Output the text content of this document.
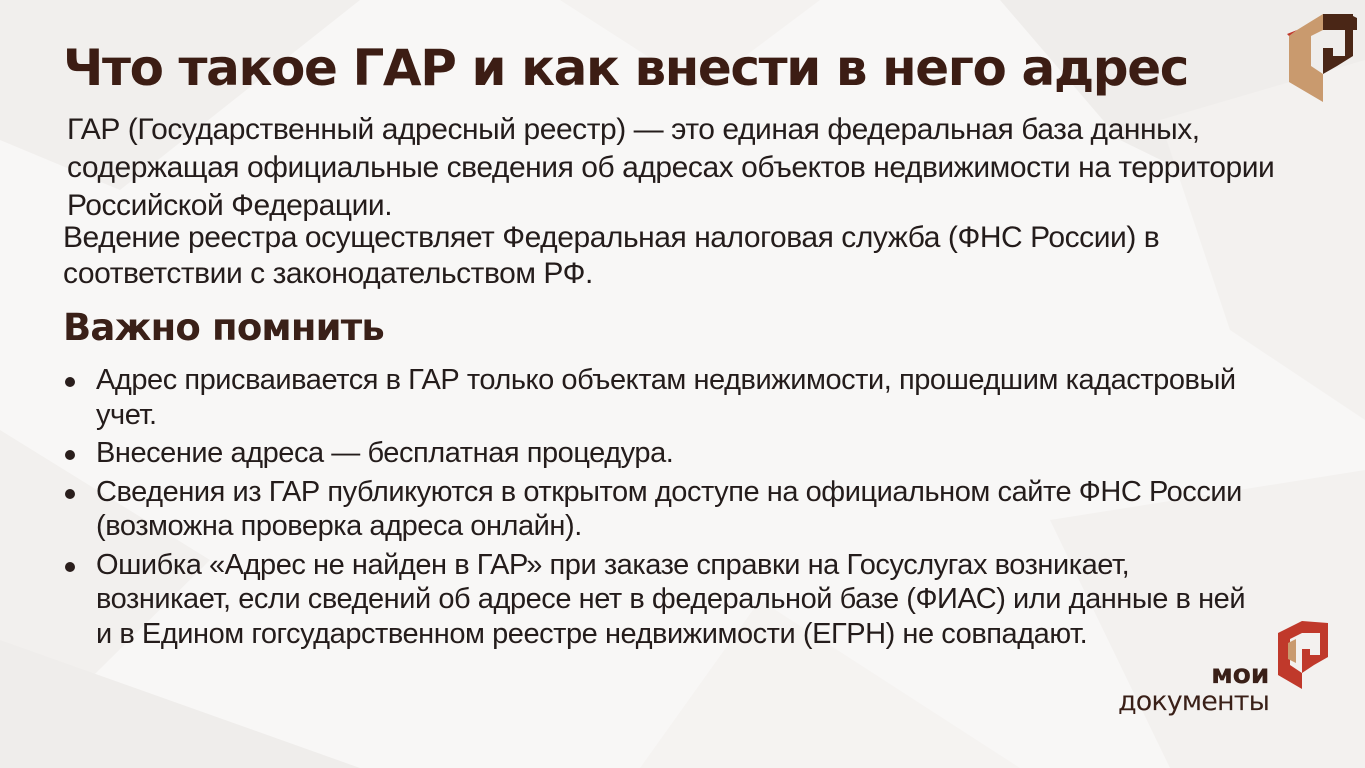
Что такое ГАР и как внести в него адрес

ГАР (Государственный адресный реестр) — это единая федеральная база данных, содержащая официальные сведения об адресах объектов недвижимости на территории Российской Федерации.

Ведение реестра осуществляет Федеральная налоговая служба (ФНС России) в соответствии с законодательством РФ.

Важно помнить
Адрес присваивается в ГАР только объектам недвижимости, прошедшим кадастровый учет.
Внесение адреса — бесплатная процедура.
Сведения из ГАР публикуются в открытом доступе на официальном сайте ФНС России (возможна проверка адреса онлайн).
Ошибка «Адрес не найден в ГАР» при заказе справки на Госуслугах возникает, возникает, если сведений об адресе нет в федеральной базе (ФИАС) или данные в ней и в Едином гогсударственном реестре недвижимости (ЕГРН) не совпадают.
мои
документы
